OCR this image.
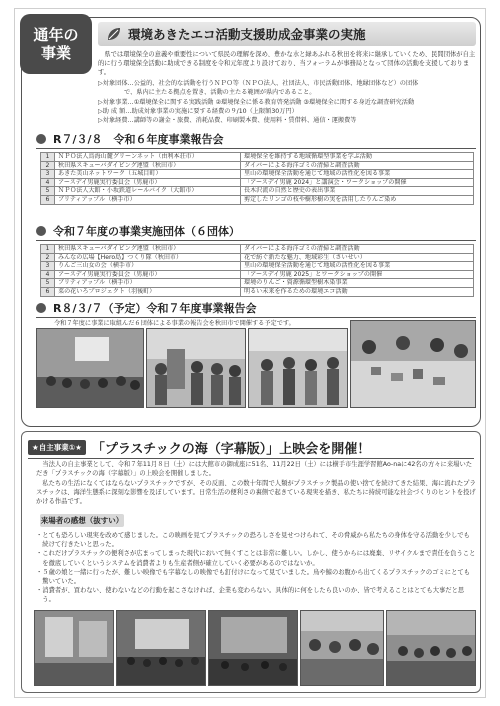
通年の
事業
環境あきたエコ活動支援助成金事業の実施

県では環境保全の意義や重要性について県民の理解を深め、豊かな水と緑あふれる秋田を将来に継承していくため、民間団体が自主的に行う環境保全活動に助成できる制度を令和元年度より設けており、当フォーラムが事務局となって団体の活動を支援しております。

▷対象団体…公益的、社会的な活動を行うＮＰＯ等（ＮＰＯ法人、社団法人、市民活動団体、地縁団体など）の団体
で、県内に主たる拠点を置き、活動の主たる範囲が県内であること。
▷対象事業…①環境保全に関する実践活動 ②環境保全に係る教育啓発活動 ③環境保全に関する身近な調査研究活動
▷助 成 額…助成対象事業の実施に要する経費の９/10（上限額30万円）
▷対象経費…講師等の謝金・旅費、消耗品費、印刷製本費、使用料・賃借料、通信・運搬費等
R７/３/８　令和６年度事業報告会
1	ＮＰＯ法人鳥海山麓グリーンネット（由利本荘市）	環境保全を維持する地域循環型事業を学ぶ活動
2	秋田県スキューバダイビング連盟（秋田市）	ダイバーによる海洋ゴミの清掃と調査活動
3	あきた美山ネットワーク（五城目町）	里山の環境保全活動を通じて地域の活性化を図る事業
4	アースデイ男鹿実行委員会（男鹿市）	「アースデイ男鹿 2024」と講演会・ワークショップの開催
5	ＮＰＯ法人大館・小坂鉄道レールバイク（大館市）	長木沢流の自然と歴史の表出事業
6	ブリティアップル（横手市）	剪定したリンゴの枝や樹形樹の実を活用したりんご染め
令和７年度の事業実施団体（６団体）
1	秋田県スキューバダイビング連盟（秋田市）	ダイバーによる海洋ゴミの清掃と調査活動
2	みんなの広場【Hero島】つくり隊（秋田市）	花で紡ぐ新たな魅力、地域彩生（さいせい）
3	りんご三山女の会（横手市）	里山の環境保全活動を通じて地域の活性化を図る事業
4	アースデイ男鹿実行委員会（男鹿市）	「アースデイ男鹿 2025」とワークショップの開催
5	ブリティアップル（横手市）	環境のりんご・資源循環型樹木染事業
6	菜の花いろプロジェクト（羽後町）	明るい未来を作るための環境エコ活動
R８/３/７（予定）令和７年度事業報告会
令和７年度に事業に取組んだ６団体による事業の報告会を秋田市で開催する予定です。
★自主事業①★ 「プラスチックの海（字幕版）」上映会を開催！

当法人の自主事業として、令和７年11月８日（土）には大館市の御成座に51名、11月22日（土）には横手市生涯学習館Ao-naに42名の方々に来場いただき「プラスチックの海（字幕版）」の上映会を開催しました。

私たちの生活になくてはならないプラスチックですが、その反面、この数十年間で人類がプラスチック製品の使い捨てを続けてきた結果、海に流れたプラスチックは、海洋生態系に深刻な影響を及ぼしています。日常生活の便利さの裏側で起きている現実を描き、私たちに持続可能な社会づくりのヒントを投げかける作品です。

来場者の感想（抜すい）
・とても恐ろしい現実を改めて感じました。この映画を見てプラスチックの恐ろしさを見せつけられて、その脅威から私たちの身体を守る活動を少しでも続けて行きたいと思った。
・これだけプラスチックの便利さが広まってしまった現代において無くすことは非常に難しい。しかし、使うからには廃棄、リサイクルまで責任を負うことを徹底していくというシステムを消費者よりも生産者側が確立していく必要があるのではないか。
・５歳の娘と一緒に行ったが、難しい映像でも字幕なしの映像でも釘付けになって見ていました。鳥や鯨のお腹から出てくるプラスチックのゴミにとても驚いていた。
・消費者が、買わない、使わないなどの行動を起こさなければ、企業も変わらない。具体的に何をしたら良いのか、皆で考えることはとても大事だと思う。
